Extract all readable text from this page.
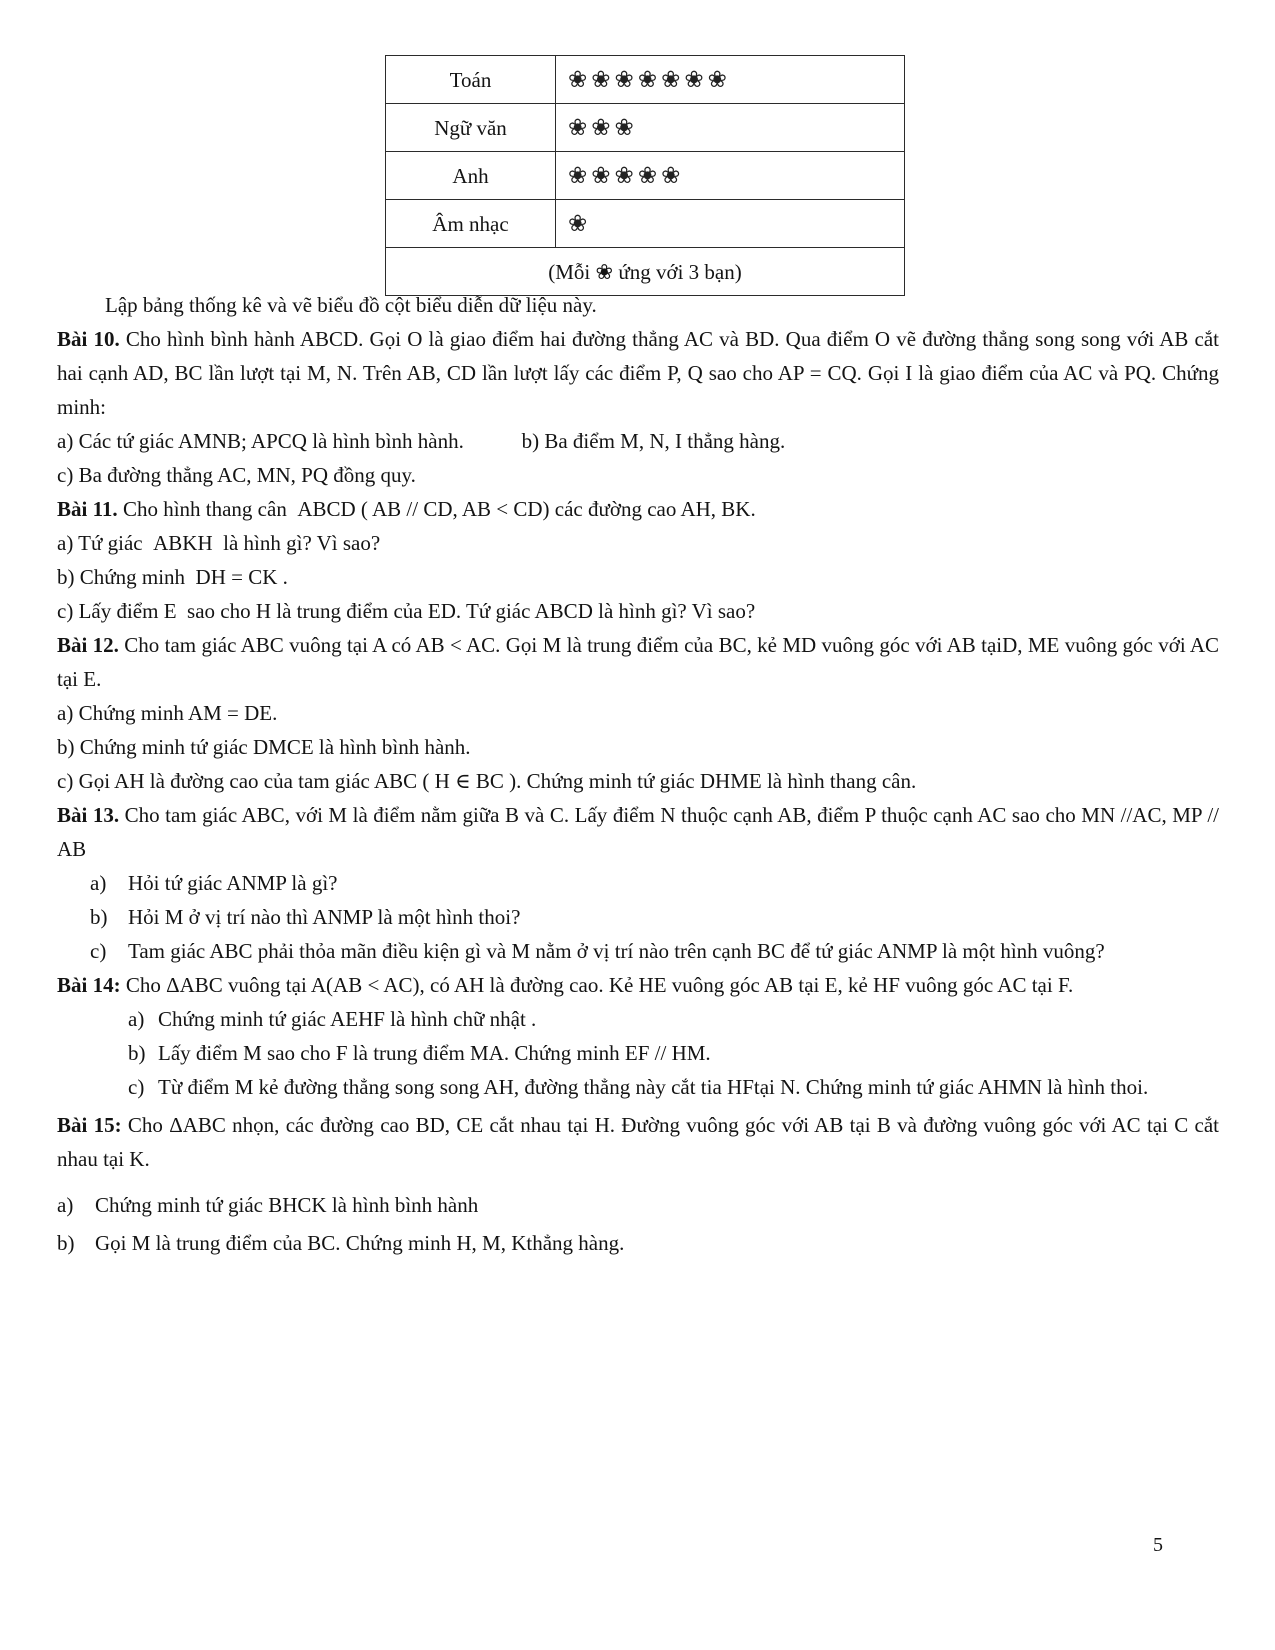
Toán	❀❀❀❀❀❀❀
Ngữ văn	❀❀❀
Anh	❀❀❀❀❀
Âm nhạc	❀
(Mỗi ❀ ứng với 3 bạn)	
Lập bảng thống kê và vẽ biểu đồ cột biểu diễn dữ liệu này.
Bài 10. Cho hình bình hành ABCD. Gọi O là giao điểm hai đường thẳng AC và BD. Qua điểm O vẽ đường thẳng song song với AB cắt hai cạnh AD, BC lần lượt tại M, N. Trên AB, CD lần lượt lấy các điểm P, Q sao cho AP = CQ. Gọi I là giao điểm của AC và PQ. Chứng minh:
a) Các tứ giác AMNB; APCQ là hình bình hành.           b) Ba điểm M, N, I thẳng hàng.
c) Ba đường thẳng AC, MN, PQ đồng quy.
Bài 11. Cho hình thang cân  ABCD ( AB // CD, AB < CD) các đường cao AH, BK.
a) Tứ giác  ABKH  là hình gì? Vì sao?
b) Chứng minh  DH = CK .
c) Lấy điểm E  sao cho H là trung điểm của ED. Tứ giác ABCD là hình gì? Vì sao?
Bài 12. Cho tam giác ABC vuông tại A có AB < AC. Gọi M là trung điểm của BC, kẻ MD vuông góc với AB tạiD, ME vuông góc với AC tại E.
a) Chứng minh AM = DE.
b) Chứng minh tứ giác DMCE là hình bình hành.
c) Gọi AH là đường cao của tam giác ABC ( H ∈ BC ). Chứng minh tứ giác DHME là hình thang cân.
Bài 13. Cho tam giác ABC, với M là điểm nằm giữa B và C. Lấy điểm N thuộc cạnh AB, điểm P thuộc cạnh AC sao cho MN //AC, MP // AB
a)	Hỏi tứ giác ANMP là gì?
b) Hỏi M ở vị trí nào thì ANMP là một hình thoi?
c)	Tam giác ABC phải thỏa mãn điều kiện gì và M nằm ở vị trí nào trên cạnh BC để tứ giác ANMP là một hình vuông?
Bài 14: Cho ΔABC vuông tại A(AB < AC), có AH là đường cao. Kẻ HE vuông góc AB tại E, kẻ HF vuông góc AC tại F.
a) Chứng minh tứ giác AEHF là hình chữ nhật .
b) Lấy điểm M sao cho F là trung điểm MA. Chứng minh EF // HM.
c) Từ điểm M kẻ đường thẳng song song AH, đường thẳng này cắt tia HFtại N. Chứng minh tứ giác AHMN là hình thoi.
Bài 15: Cho ΔABC nhọn, các đường cao BD, CE cắt nhau tại H. Đường vuông góc với AB tại B và đường vuông góc với AC tại C cắt nhau tại K.
a)	Chứng minh tứ giác BHCK là hình bình hành
b) Gọi M là trung điểm của BC. Chứng minh H, M, Kthẳng hàng.
5
